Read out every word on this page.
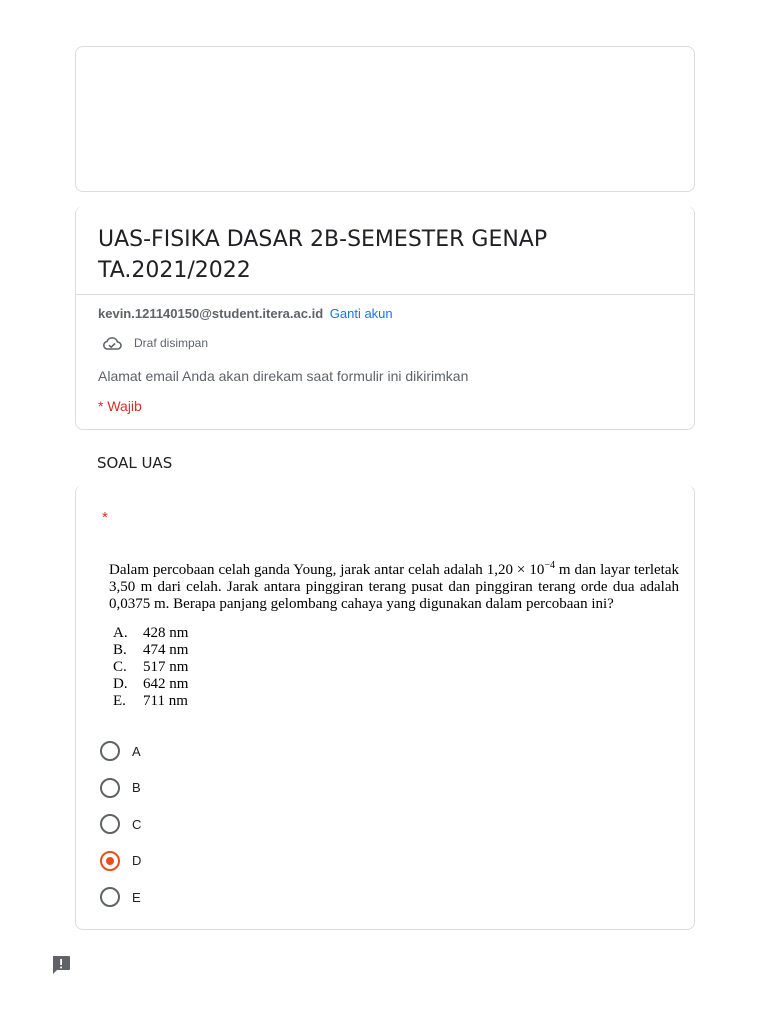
UAS-FISIKA DASAR 2B-SEMESTER GENAP TA.2021/2022
kevin.121140150@student.itera.ac.id Ganti akun
Draf disimpan
Alamat email Anda akan direkam saat formulir ini dikirimkan
* Wajib
SOAL UAS
*

Dalam percobaan celah ganda Young, jarak antar celah adalah $1,20 \times 10^{-4}$ m dan layar terletak 3,50 m dari celah. Jarak antara pinggiran terang pusat dan pinggiran terang orde dua adalah 0,0375 m. Berapa panjang gelombang cahaya yang digunakan dalam percobaan ini?

A.	428 nm
B.	474 nm
C.	517 nm
D.	642 nm
E.	711 nm
A
B
C
D
E
